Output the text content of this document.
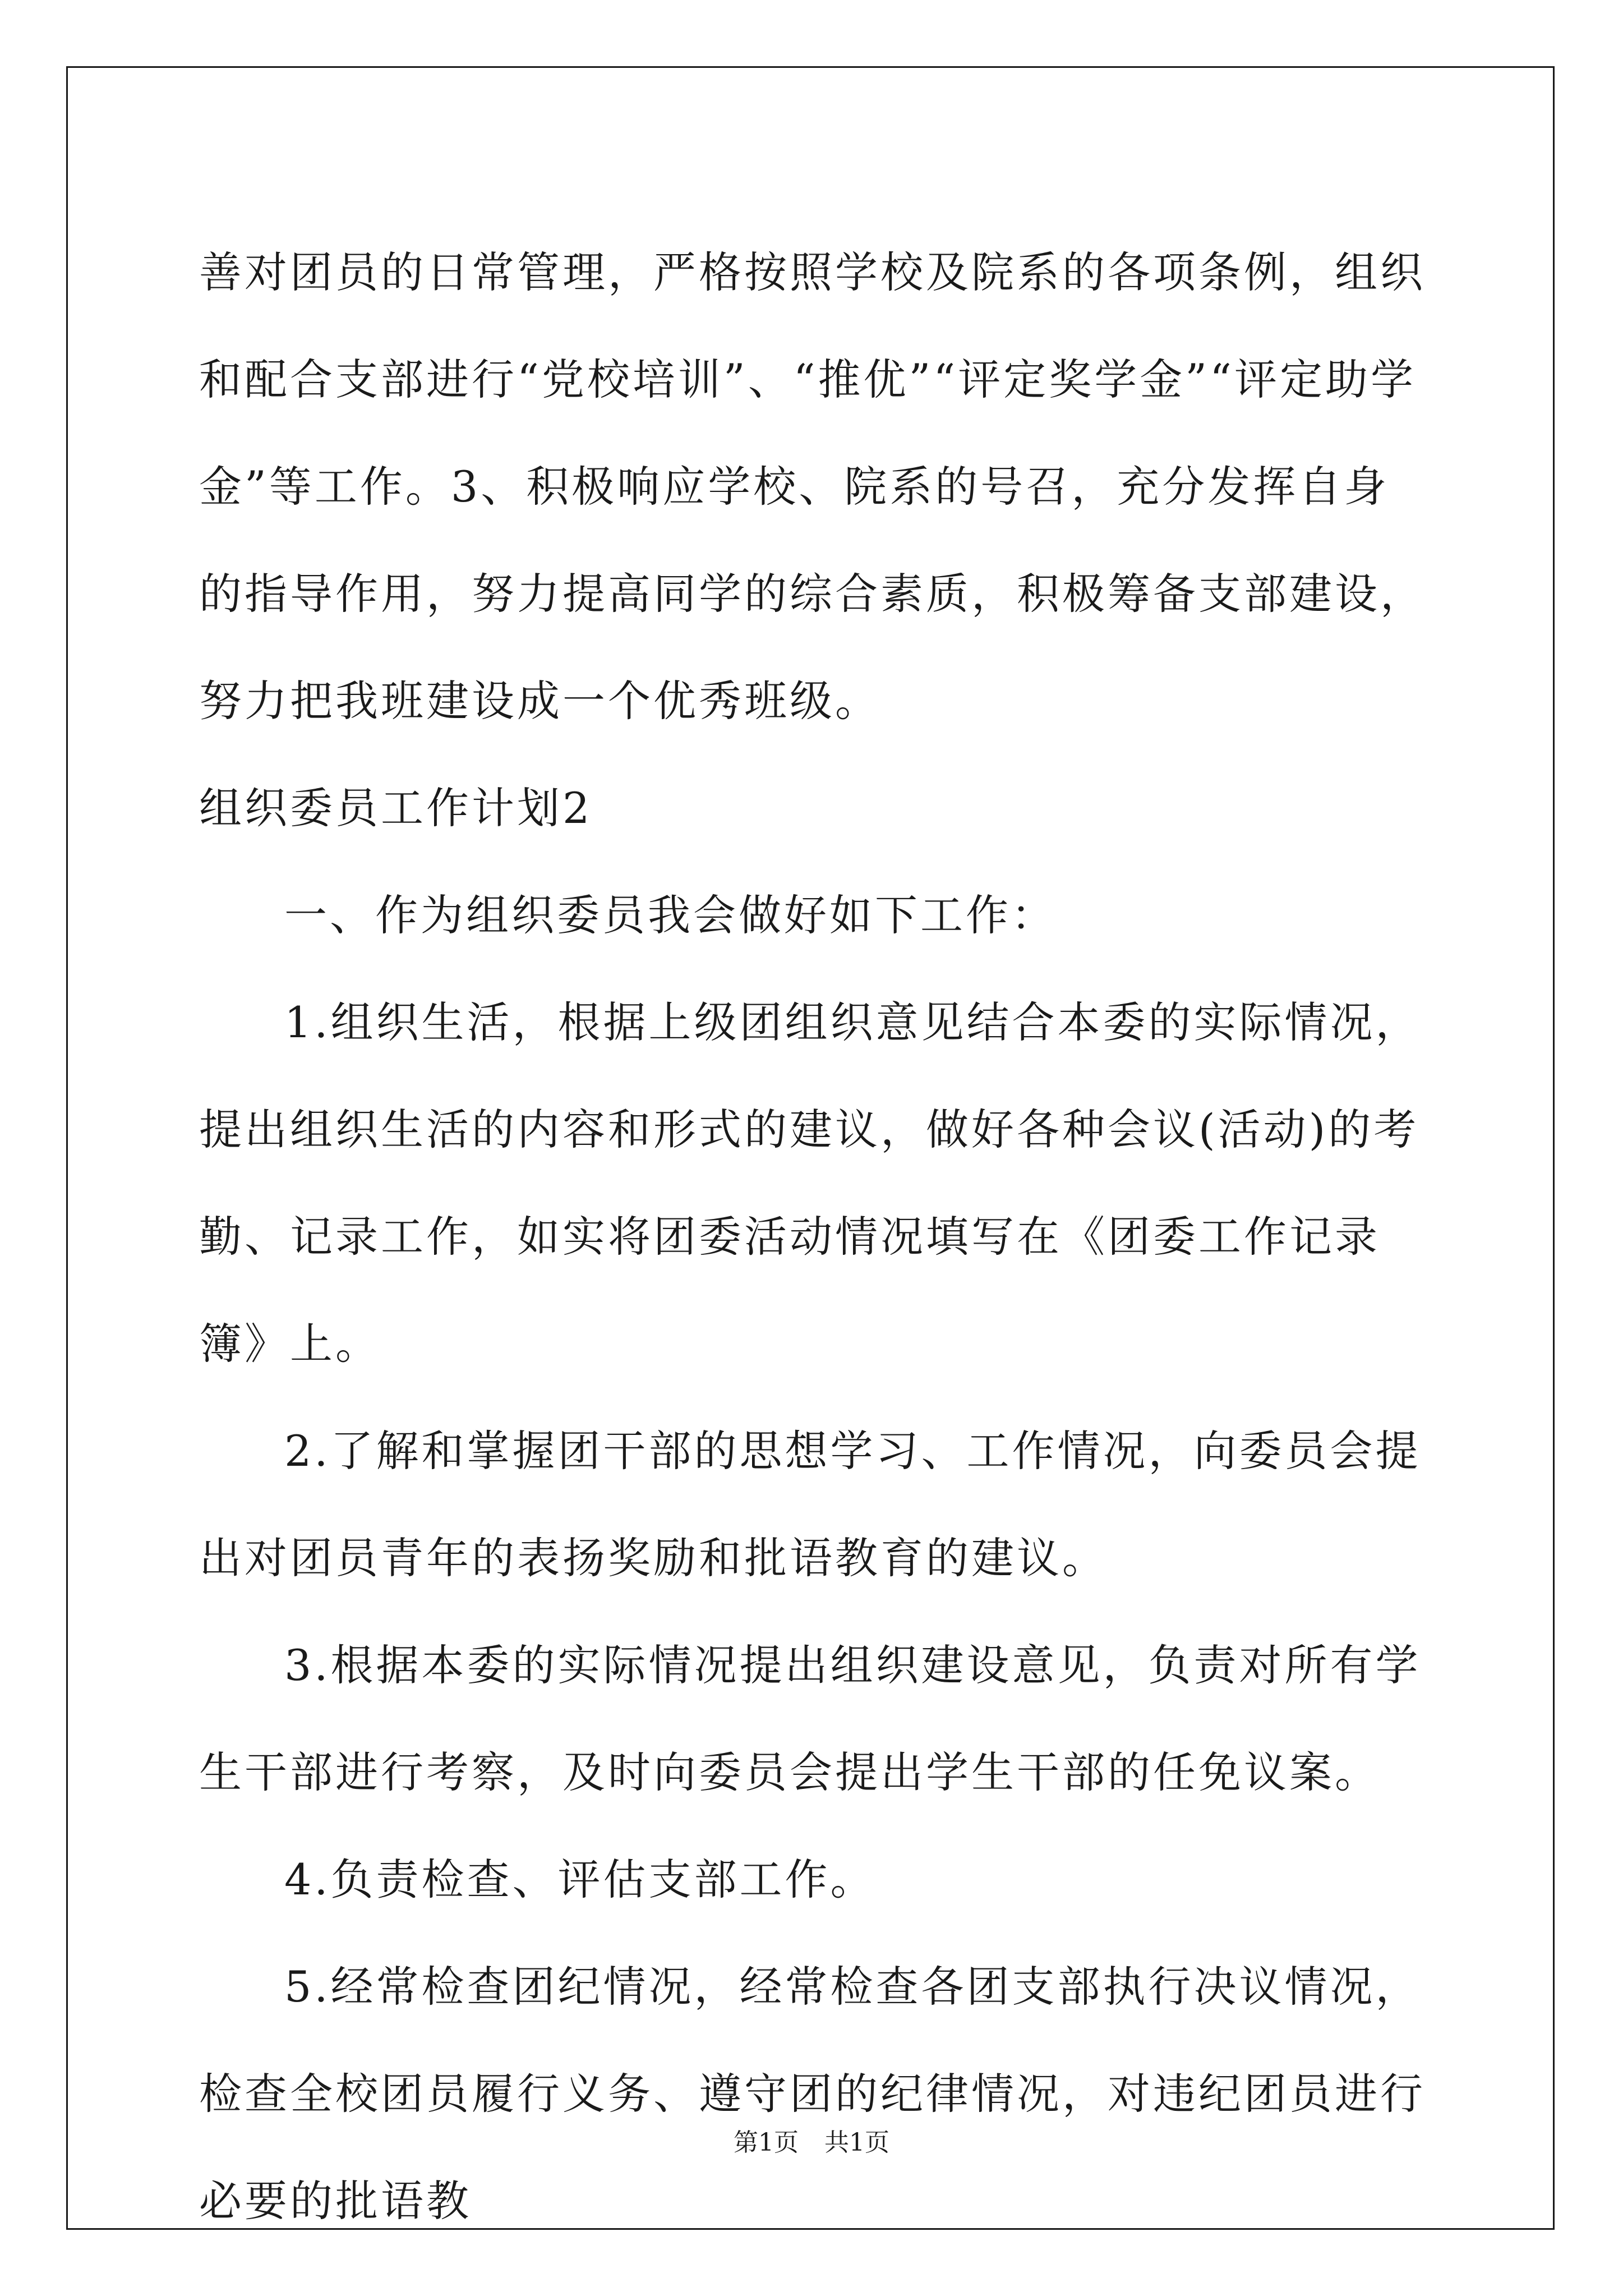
善对团员的日常管理，严格按照学校及院系的各项条例，组织和配合支部进行“党校培训”、“推优”“评定奖学金”“评定助学金”等工作。3、积极响应学校、院系的号召，充分发挥自身的指导作用，努力提高同学的综合素质，积极筹备支部建设，努力把我班建设成一个优秀班级。

组织委员工作计划2

一、作为组织委员我会做好如下工作：

1.组织生活，根据上级团组织意见结合本委的实际情况，提出组织生活的内容和形式的建议，做好各种会议(活动)的考勤、记录工作，如实将团委活动情况填写在《团委工作记录簿》上。

2.了解和掌握团干部的思想学习、工作情况，向委员会提出对团员青年的表扬奖励和批语教育的建议。

3.根据本委的实际情况提出组织建设意见，负责对所有学生干部进行考察，及时向委员会提出学生干部的任免议案。

4.负责检查、评估支部工作。

5.经常检查团纪情况，经常检查各团支部执行决议情况，检查全校团员履行义务、遵守团的纪律情况，对违纪团员进行必要的批语教

第1页 共1页
